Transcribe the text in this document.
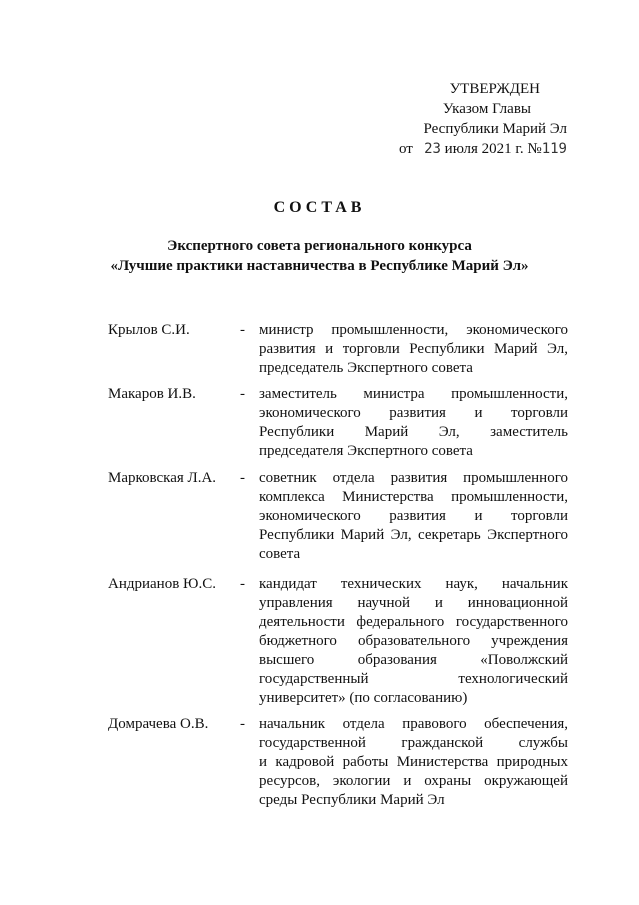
УТВЕРЖДЕН
Указом Главы
Республики Марий Эл
от 23 июля 2021 г. №119
СОСТАВ
Экспертного совета регионального конкурса
«Лучшие практики наставничества в Республике Марий Эл»
Крылов С.И.	- министр промышленности, экономического
развития и торговли Республики Марий Эл,
председатель Экспертного совета
Макаров И.В.	- заместитель министра промышленности,
экономического развития и торговли
Республики Марий Эл, заместитель
председателя Экспертного совета
Марковская Л.А. - советник отдела развития промышленного
комплекса Министерства промышленности,
экономического развития и торговли
Республики Марий Эл, секретарь Экспертного
совета
Андрианов Ю.С. - кандидат технических наук, начальник
управления научной и инновационной
деятельности федерального государственного
бюджетного образовательного учреждения
высшего образования «Поволжский
государственный технологический
университет» (по согласованию)
Домрачева О.В. - начальник отдела правового обеспечения,
государственной гражданской службы
и кадровой работы Министерства природных
ресурсов, экологии и охраны окружающей
среды Республики Марий Эл
